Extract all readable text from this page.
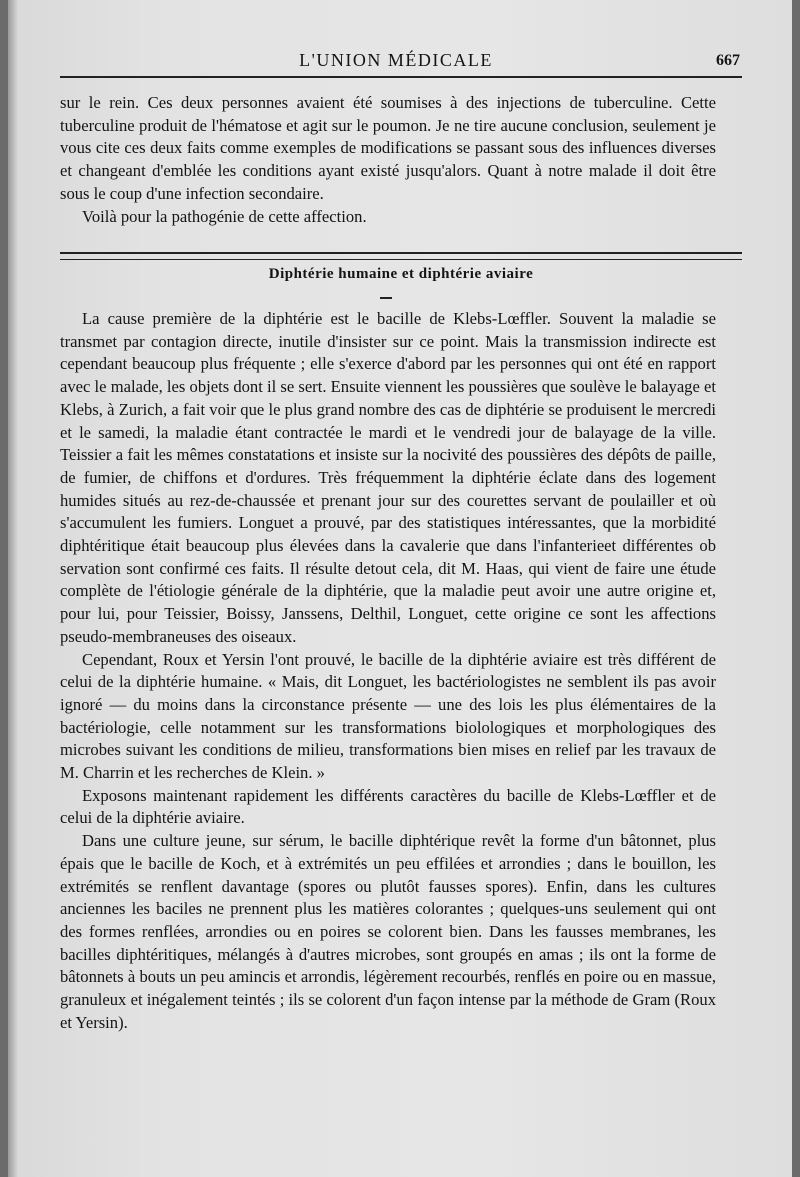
L'UNION MÉDICALE	667

sur le rein. Ces deux personnes avaient été soumises à des injections de tuberculine. Cette tuberculine produit de l'hématose et agit sur le poumon. Je ne tire aucune conclusion, seulement je vous cite ces deux faits comme exemples de modifications se passant sous des influences diverses et changeant d'emblée les conditions ayant existé jusqu'alors. Quant à notre malade il doit être sous le coup d'une infection secondaire.

Voilà pour la pathogénie de cette affection.

Diphtérie humaine et diphtérie aviaire

La cause première de la diphtérie est le bacille de Klebs-Lœffler. Souvent la maladie se transmet par contagion directe, inutile d'insister sur ce point. Mais la transmission indirecte est cependant beaucoup plus fréquente ; elle s'exerce d'abord par les personnes qui ont été en rapport avec le malade, les objets dont il se sert. Ensuite viennent les poussières que soulève le balayage et Klebs, à Zurich, a fait voir que le plus grand nombre des cas de diphtérie se produisent le mercredi et le samedi, la maladie étant contractée le mardi et le vendredi jour de balayage de la ville. Teissier a fait les mêmes constatations et insiste sur la nocivité des poussières des dépôts de paille, de fumier, de chiffons et d'ordures. Très fréquemment la diphtérie éclate dans des logement humides situés au rez-de-chaussée et prenant jour sur des courettes servant de poulailler et où s'accumulent les fumiers. Longuet a prouvé, par des statistiques intéressantes, que la morbidité diphtéritique était beaucoup plus élevées dans la cavalerie que dans l'infanterieet différentes ob servation sont confirmé ces faits. Il résulte detout cela, dit M. Haas, qui vient de faire une étude complète de l'étiologie générale de la diphtérie, que la maladie peut avoir une autre origine et, pour lui, pour Teissier, Boissy, Janssens, Delthil, Longuet, cette origine ce sont les affections pseudo-membraneuses des oiseaux.

Cependant, Roux et Yersin l'ont prouvé, le bacille de la diphtérie aviaire est très différent de celui de la diphtérie humaine. « Mais, dit Longuet, les bactériologistes ne semblent ils pas avoir ignoré — du moins dans la circonstance présente — une des lois les plus élémentaires de la bactériologie, celle notamment sur les transformations biolologiques et morphologiques des microbes suivant les conditions de milieu, transformations bien mises en relief par les travaux de M. Charrin et les recherches de Klein. »

Exposons maintenant rapidement les différents caractères du bacille de Klebs-Lœffler et de celui de la diphtérie aviaire.

Dans une culture jeune, sur sérum, le bacille diphtérique revêt la forme d'un bâtonnet, plus épais que le bacille de Koch, et à extrémités un peu effilées et arrondies ; dans le bouillon, les extrémités se renflent davantage (spores ou plutôt fausses spores). Enfin, dans les cultures anciennes les baciles ne prennent plus les matières colorantes ; quelques-uns seulement qui ont des formes renflées, arrondies ou en poires se colorent bien. Dans les fausses membranes, les bacilles diphtéritiques, mélangés à d'autres microbes, sont groupés en amas ; ils ont la forme de bâtonnets à bouts un peu amincis et arrondis, légèrement recourbés, renflés en poire ou en massue, granuleux et inégalement teintés ; ils se colorent d'un façon intense par la méthode de Gram (Roux et Yersin).
